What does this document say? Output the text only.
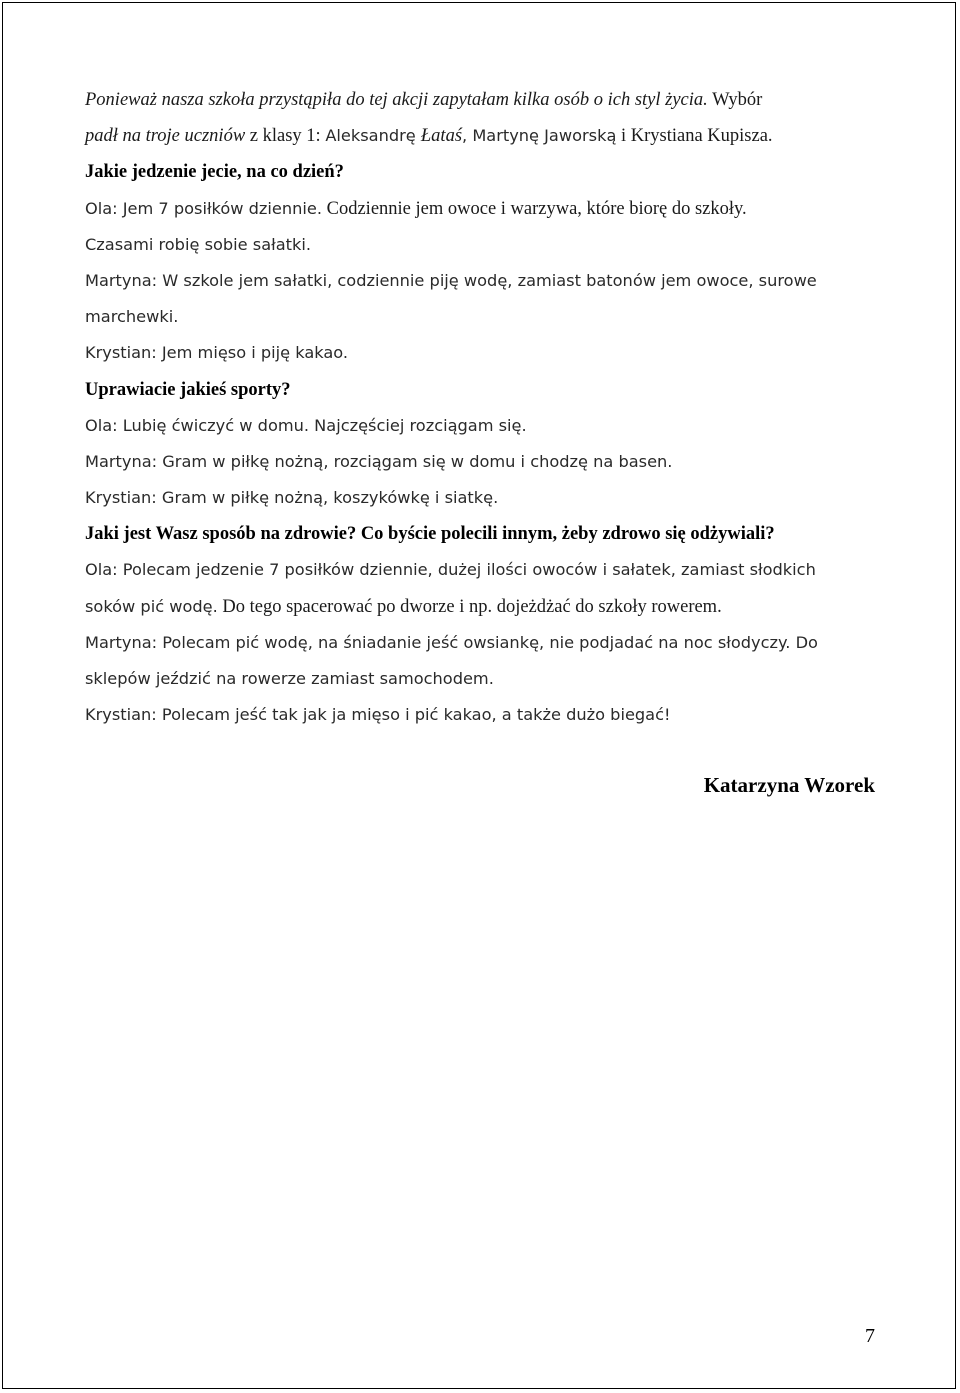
Ponieważ nasza szkoła przystąpiła do tej akcji zapytałam kilka osób o ich styl życia. Wybór
padł na troje uczniów z klasy 1: Aleksandrę Łataś, Martynę Jaworską i Krystiana Kupisza.
Jakie jedzenie jecie, na co dzień?
Ola: Jem 7 posiłków dziennie. Codziennie jem owoce i warzywa, które biorę do szkoły.
Czasami robię sobie sałatki.
Martyna: W szkole jem sałatki, codziennie piję wodę, zamiast batonów jem owoce, surowe
marchewki.
Krystian: Jem mięso i piję kakao.
Uprawiacie jakieś sporty?
Ola: Lubię ćwiczyć w domu. Najczęściej rozciągam się.
Martyna: Gram w piłkę nożną, rozciągam się w domu i chodzę na basen.
Krystian: Gram w piłkę nożną, koszykówkę i siatkę.
Jaki jest Wasz sposób na zdrowie? Co byście polecili innym, żeby zdrowo się odżywiali?
Ola: Polecam jedzenie 7 posiłków dziennie, dużej ilości owoców i sałatek, zamiast słodkich
soków pić wodę. Do tego spacerować po dworze i np. dojeżdżać do szkoły rowerem.
Martyna: Polecam pić wodę, na śniadanie jeść owsiankę, nie podjadać na noc słodyczy. Do
sklepów jeździć na rowerze zamiast samochodem.
Krystian: Polecam jeść tak jak ja mięso i pić kakao, a także dużo biegać!
Katarzyna Wzorek
7
